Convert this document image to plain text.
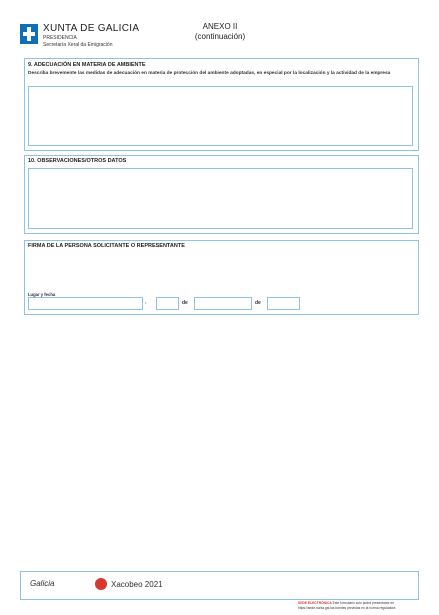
XUNTA DE GALICIA
PRESIDENCIA
Secretaría Xeral da Emigración
ANEXO II
(continuación)
9. ADECUACIÓN EN MATERIA DE AMBIENTE
Describa brevemente las medidas de adecuación en materia de protección del ambiente adoptadas, en especial por la localización y la actividad de la empresa
10. OBSERVACIONES/OTROS DATOS
FIRMA DE LA PERSONA SOLICITANTE O REPRESENTANTE
Lugar y fecha
,	de	de
Galicia	Xacobeo 2021
SEDE ELECTRÓNICA Este formulario solo podrá presentarse en
https://sede.xunta.gal las fuentes previstas en la norma reguladora
